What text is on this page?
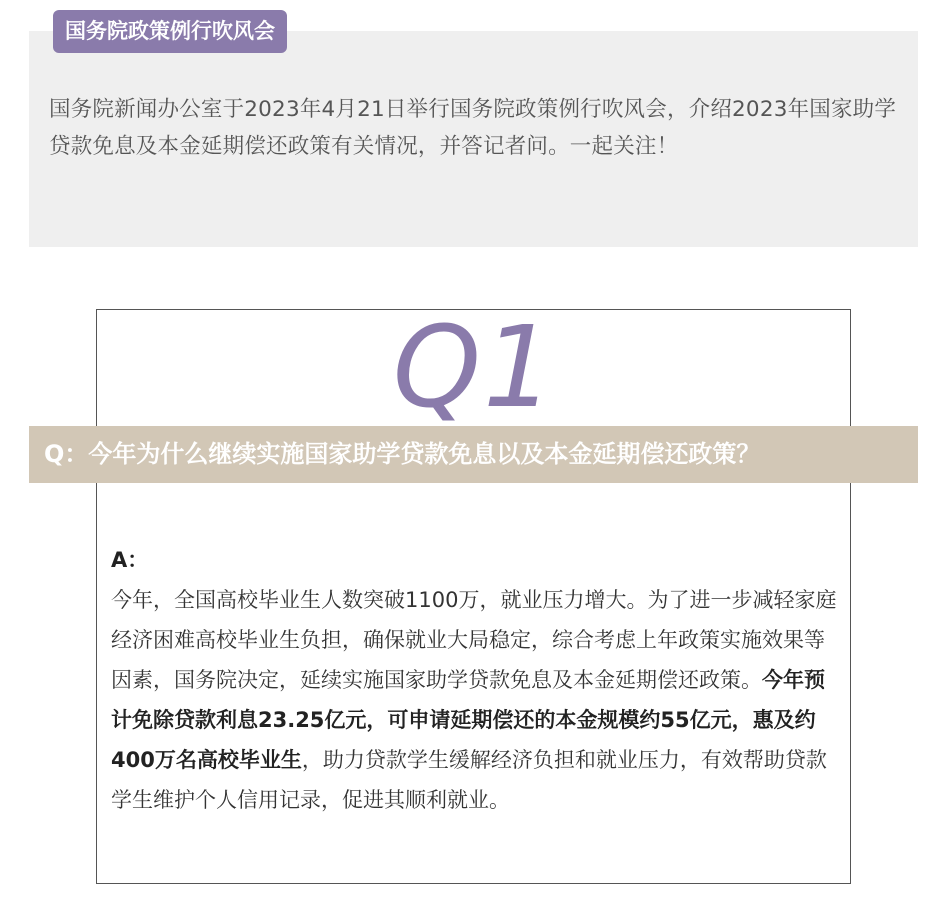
国务院新闻办公室于2023年4月21日举行国务院政策例行吹风会，介绍2023年国家助学贷款免息及本金延期偿还政策有关情况，并答记者问。一起关注！

国务院政策例行吹风会
Q1
Q：今年为什么继续实施国家助学贷款免息以及本金延期偿还政策？

A：

今年，全国高校毕业生人数突破1100万，就业压力增大。为了进一步减轻家庭经济困难高校毕业生负担，确保就业大局稳定，综合考虑上年政策实施效果等因素，国务院决定，延续实施国家助学贷款免息及本金延期偿还政策。今年预计免除贷款利息23.25亿元，可申请延期偿还的本金规模约55亿元，惠及约400万名高校毕业生，助力贷款学生缓解经济负担和就业压力，有效帮助贷款学生维护个人信用记录，促进其顺利就业。
